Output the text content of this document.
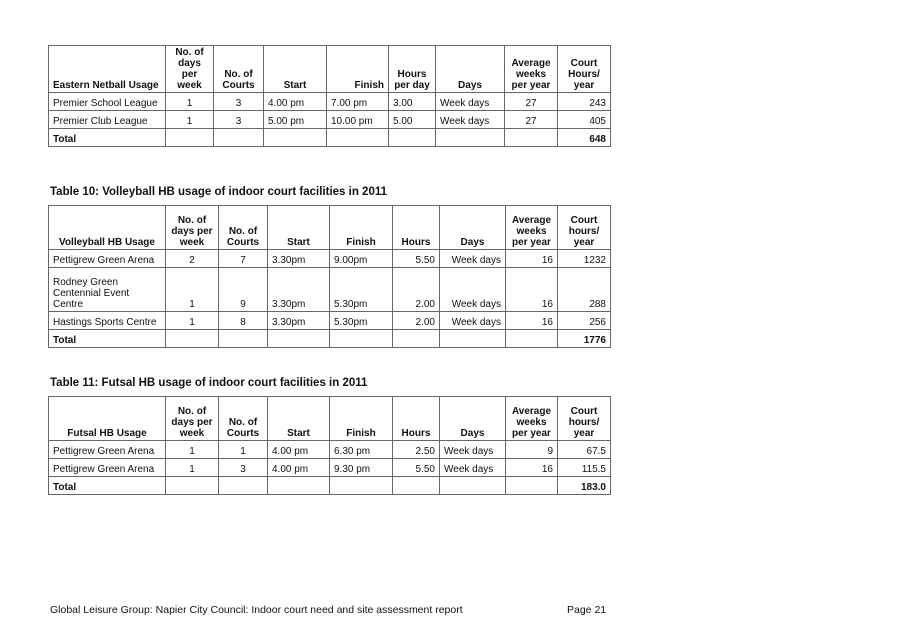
Eastern Netball Usage	No. of days per week	No. of Courts	Start	Finish	Hours per day	Days	Average weeks per year	Court Hours/ year
Premier School League	1	3	4.00 pm	7.00 pm	3.00	Week days	27	243
Premier Club League	1	3	5.00 pm	10.00 pm	5.00	Week days	27	405
Total								648

Table 10: Volleyball HB usage of indoor court facilities in 2011

Volleyball HB Usage	No. of days per week	No. of Courts	Start	Finish	Hours	Days	Average weeks per year	Court hours/ year
Pettigrew Green Arena	2	7	3.30pm	9.00pm	5.50	Week days	16	1232
Rodney Green Centennial Event Centre	1	9	3.30pm	5.30pm	2.00	Week days	16	288
Hastings Sports Centre	1	8	3.30pm	5.30pm	2.00	Week days	16	256
Total								1776

Table 11: Futsal HB usage of indoor court facilities in 2011

Futsal HB Usage	No. of days per week	No. of Courts	Start	Finish	Hours	Days	Average weeks per year	Court hours/ year
Pettigrew Green Arena	1	1	4.00 pm	6.30 pm	2.50	Week days	9	67.5
Pettigrew Green Arena	1	3	4.00 pm	9.30 pm	5.50	Week days	16	115.5
Total								183.0
Global Leisure Group: Napier City Council: Indoor court need and site assessment report	Page 21
